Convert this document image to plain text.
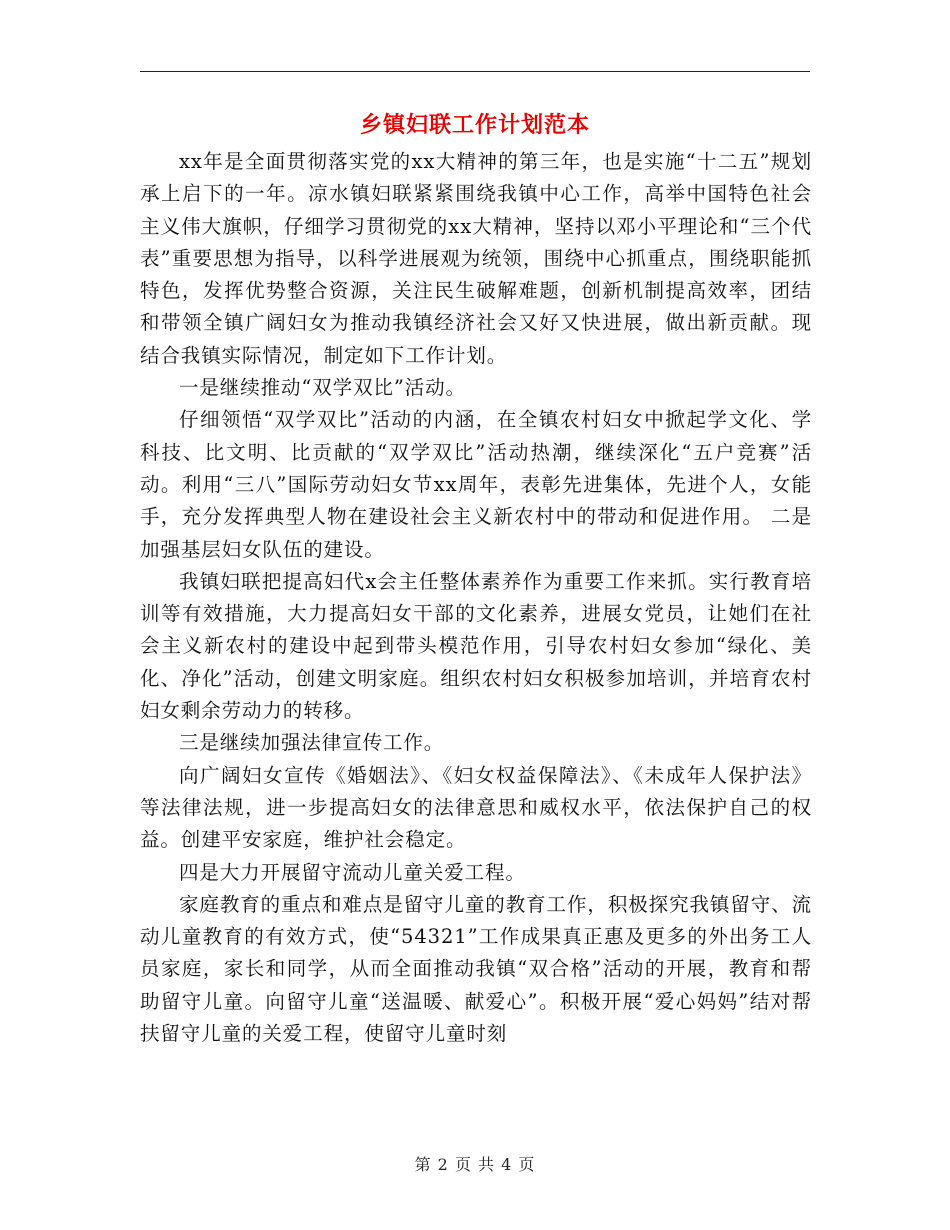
乡镇妇联工作计划范本

xx年是全面贯彻落实党的xx大精神的第三年，也是实施“十二五”规划承上启下的一年。凉水镇妇联紧紧围绕我镇中心工作，高举中国特色社会主义伟大旗帜，仔细学习贯彻党的xx大精神，坚持以邓小平理论和“三个代表”重要思想为指导，以科学进展观为统领，围绕中心抓重点，围绕职能抓特色，发挥优势整合资源，关注民生破解难题，创新机制提高效率，团结和带领全镇广阔妇女为推动我镇经济社会又好又快进展，做出新贡献。现结合我镇实际情况，制定如下工作计划。

一是继续推动“双学双比”活动。

仔细领悟“双学双比”活动的内涵，在全镇农村妇女中掀起学文化、学科技、比文明、比贡献的“双学双比”活动热潮，继续深化“五户竞赛”活动。利用“三八”国际劳动妇女节xx周年，表彰先进集体，先进个人，女能手，充分发挥典型人物在建设社会主义新农村中的带动和促进作用。 二是加强基层妇女队伍的建设。

我镇妇联把提高妇代x会主任整体素养作为重要工作来抓。实行教育培训等有效措施，大力提高妇女干部的文化素养，进展女党员，让她们在社会主义新农村的建设中起到带头模范作用，引导农村妇女参加“绿化、美化、净化”活动，创建文明家庭。组织农村妇女积极参加培训，并培育农村妇女剩余劳动力的转移。

三是继续加强法律宣传工作。

向广阔妇女宣传《婚姻法》、《妇女权益保障法》、《未成年人保护法》等法律法规，进一步提高妇女的法律意思和威权水平，依法保护自己的权益。创建平安家庭，维护社会稳定。

四是大力开展留守流动儿童关爱工程。

家庭教育的重点和难点是留守儿童的教育工作，积极探究我镇留守、流动儿童教育的有效方式，使“54321”工作成果真正惠及更多的外出务工人员家庭，家长和同学，从而全面推动我镇“双合格”活动的开展，教育和帮助留守儿童。向留守儿童“送温暖、献爱心”。积极开展“爱心妈妈”结对帮扶留守儿童的关爱工程，使留守儿童时刻

第 2 页 共 4 页
